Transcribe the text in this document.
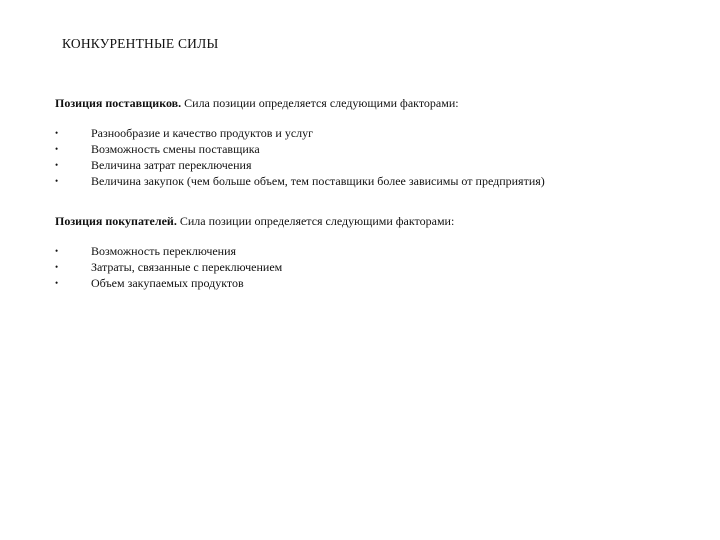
КОНКУРЕНТНЫЕ СИЛЫ

Позиция поставщиков. Сила позиции определяется следующими факторами:

•	Разнообразие и качество продуктов и услуг
•	Возможность смены поставщика
•	Величина затрат переключения
•	Величина закупок (чем больше объем, тем поставщики более зависимы от предприятия)

Позиция покупателей. Сила позиции определяется следующими факторами:

•	Возможность переключения
•	Затраты, связанные с переключением
•	Объем закупаемых продуктов
